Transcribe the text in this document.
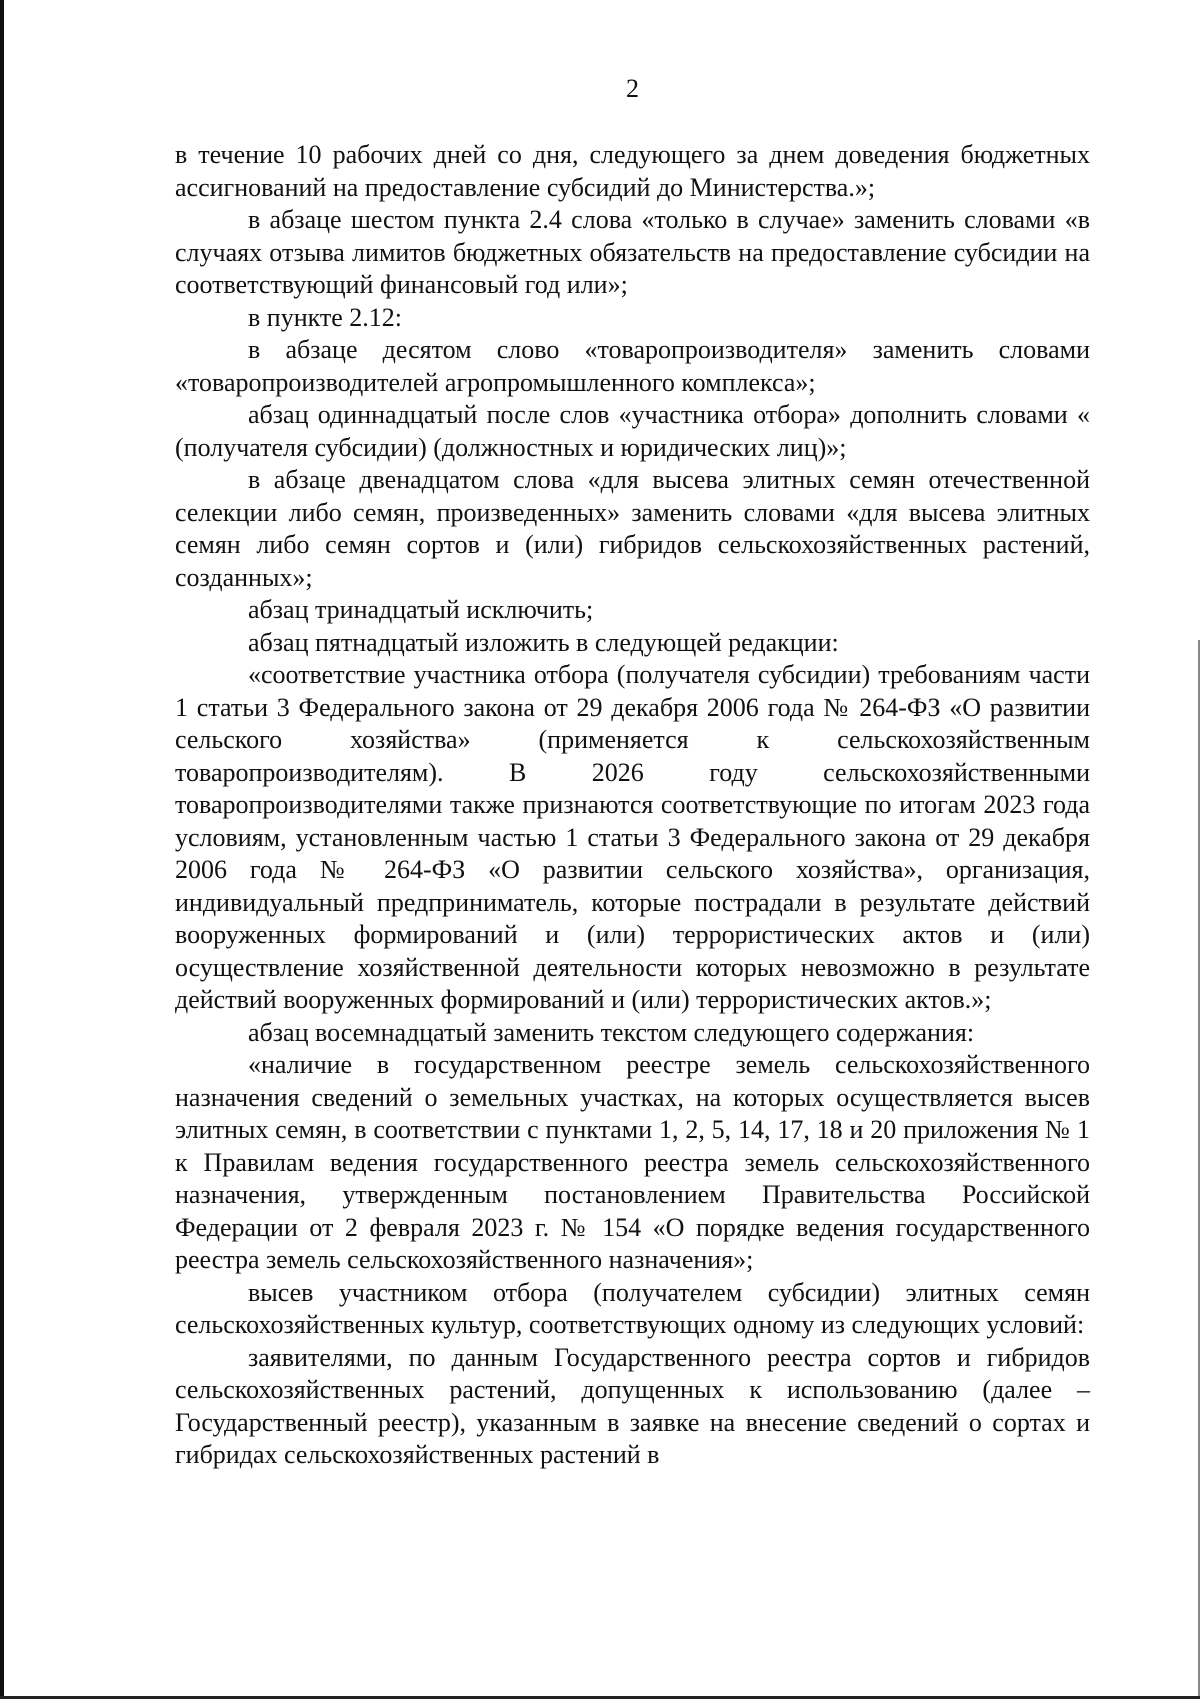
2

в течение 10 рабочих дней со дня, следующего за днем доведения бюджетных ассигнований на предоставление субсидий до Министерства.»;

в абзаце шестом пункта 2.4 слова «только в случае» заменить словами «в случаях отзыва лимитов бюджетных обязательств на предоставление субсидии на соответствующий финансовый год или»;

в пункте 2.12:

в абзаце десятом слово «товаропроизводителя» заменить словами «товаропроизводителей агропромышленного комплекса»;

абзац одиннадцатый после слов «участника отбора» дополнить словами « (получателя субсидии) (должностных и юридических лиц)»;

в абзаце двенадцатом слова «для высева элитных семян отечественной селекции либо семян, произведенных» заменить словами «для высева элитных семян либо семян сортов и (или) гибридов сельскохозяйственных растений, созданных»;

абзац тринадцатый исключить;

абзац пятнадцатый изложить в следующей редакции:

«соответствие участника отбора (получателя субсидии) требованиям части 1 статьи 3 Федерального закона от 29 декабря 2006 года № 264-ФЗ «О развитии сельского хозяйства» (применяется к сельскохозяйственным товаропроизводителям). В 2026 году сельскохозяйственными товаропроизводителями также признаются соответствующие по итогам 2023 года условиям, установленным частью 1 статьи 3 Федерального закона от 29 декабря 2006 года № 264-ФЗ «О развитии сельского хозяйства», организация, индивидуальный предприниматель, которые пострадали в результате действий вооруженных формирований и (или) террористических актов и (или) осуществление хозяйственной деятельности которых невозможно в результате действий вооруженных формирований и (или) террористических актов.»;

абзац восемнадцатый заменить текстом следующего содержания:

«наличие в государственном реестре земель сельскохозяйственного назначения сведений о земельных участках, на которых осуществляется высев элитных семян, в соответствии с пунктами 1, 2, 5, 14, 17, 18 и 20 приложения № 1 к Правилам ведения государственного реестра земель сельскохозяйственного назначения, утвержденным постановлением Правительства Российской Федерации от 2 февраля 2023 г. № 154 «О порядке ведения государственного реестра земель сельскохозяйственного назначения»;

высев участником отбора (получателем субсидии) элитных семян сельскохозяйственных культур, соответствующих одному из следующих условий:

заявителями, по данным Государственного реестра сортов и гибридов сельскохозяйственных растений, допущенных к использованию (далее – Государственный реестр), указанным в заявке на внесение сведений о сортах и гибридах сельскохозяйственных растений в
